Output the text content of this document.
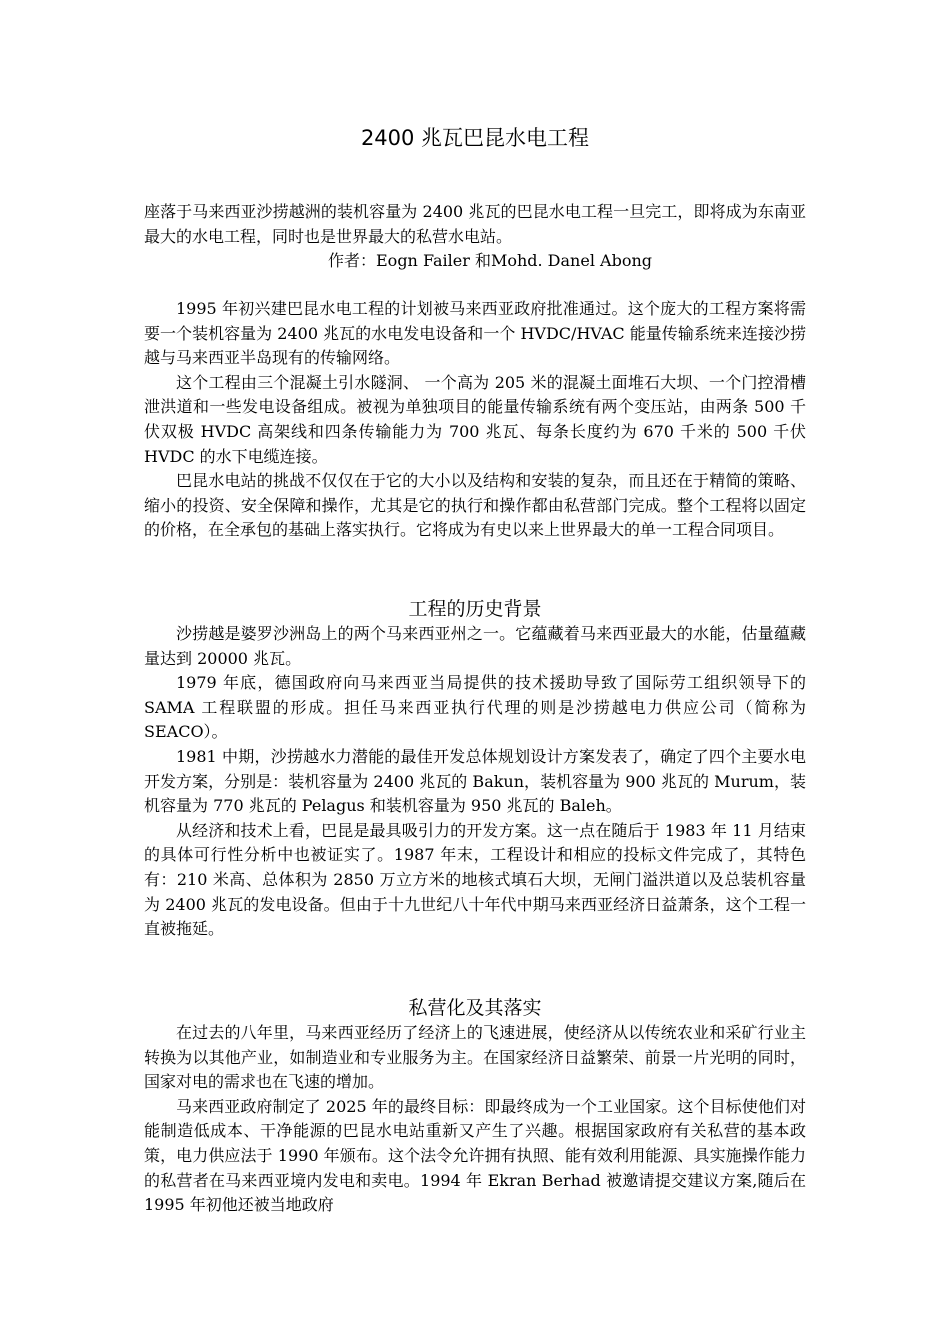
2400 兆瓦巴昆水电工程

座落于马来西亚沙捞越洲的装机容量为 2400 兆瓦的巴昆水电工程一旦完工，即将成为东南亚最大的水电工程，同时也是世界最大的私营水电站。

作者：Eogn Failer 和Mohd. Danel Abong

1995 年初兴建巴昆水电工程的计划被马来西亚政府批准通过。这个庞大的工程方案将需要一个装机容量为 2400 兆瓦的水电发电设备和一个 HVDC/HVAC 能量传输系统来连接沙捞越与马来西亚半岛现有的传输网络。

这个工程由三个混凝土引水隧洞、 一个高为 205 米的混凝土面堆石大坝、一个门控滑槽泄洪道和一些发电设备组成。被视为单独项目的能量传输系统有两个变压站，由两条 500 千伏双极 HVDC 高架线和四条传输能力为 700 兆瓦、每条长度约为 670 千米的 500 千伏 HVDC 的水下电缆连接。

巴昆水电站的挑战不仅仅在于它的大小以及结构和安装的复杂，而且还在于精简的策略、缩小的投资、安全保障和操作，尤其是它的执行和操作都由私营部门完成。整个工程将以固定的价格，在全承包的基础上落实执行。它将成为有史以来上世界最大的单一工程合同项目。

工程的历史背景

沙捞越是婆罗沙洲岛上的两个马来西亚州之一。它蕴藏着马来西亚最大的水能，估量蕴藏量达到 20000 兆瓦。

1979 年底，德国政府向马来西亚当局提供的技术援助导致了国际劳工组织领导下的 SAMA 工程联盟的形成。担任马来西亚执行代理的则是沙捞越电力供应公司（简称为 SEACO）。

1981 中期，沙捞越水力潜能的最佳开发总体规划设计方案发表了，确定了四个主要水电开发方案，分别是：装机容量为 2400 兆瓦的 Bakun，装机容量为 900 兆瓦的 Murum，装机容量为 770 兆瓦的 Pelagus 和装机容量为 950 兆瓦的 Baleh。

从经济和技术上看，巴昆是最具吸引力的开发方案。这一点在随后于 1983 年 11 月结束的具体可行性分析中也被证实了。1987 年末，工程设计和相应的投标文件完成了，其特色有：210 米高、总体积为 2850 万立方米的地核式填石大坝，无闸门溢洪道以及总装机容量为 2400 兆瓦的发电设备。但由于十九世纪八十年代中期马来西亚经济日益萧条，这个工程一直被拖延。

私营化及其落实

在过去的八年里，马来西亚经历了经济上的飞速进展，使经济从以传统农业和采矿行业主转换为以其他产业，如制造业和专业服务为主。在国家经济日益繁荣、前景一片光明的同时，国家对电的需求也在飞速的增加。

马来西亚政府制定了 2025 年的最终目标：即最终成为一个工业国家。这个目标使他们对能制造低成本、干净能源的巴昆水电站重新又产生了兴趣。根据国家政府有关私营的基本政策，电力供应法于 1990 年颁布。这个法令允许拥有执照、能有效利用能源、具实施操作能力的私营者在马来西亚境内发电和卖电。1994 年 Ekran Berhad 被邀请提交建议方案,随后在 1995 年初他还被当地政府
